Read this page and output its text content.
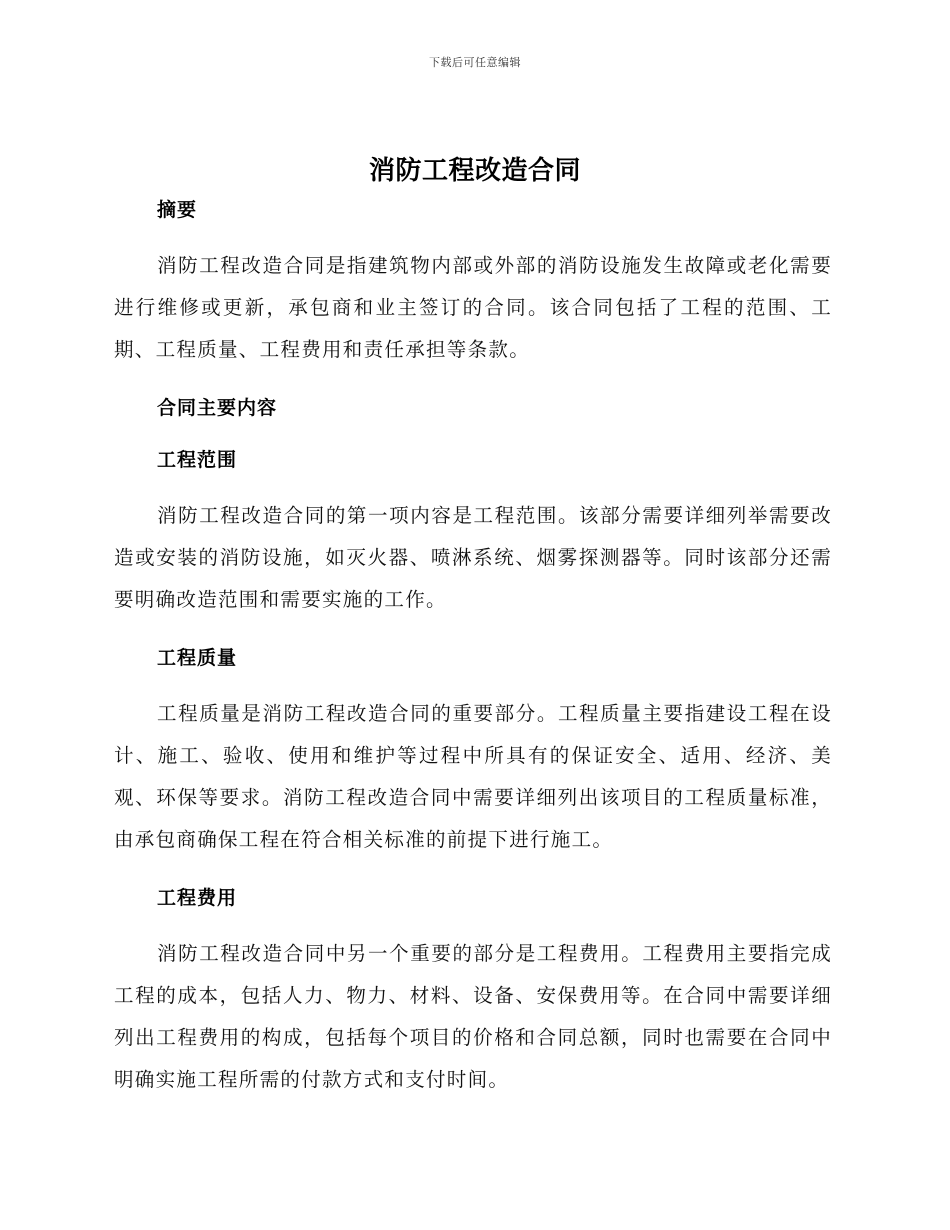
下载后可任意编辑
消防工程改造合同
摘要

消防工程改造合同是指建筑物内部或外部的消防设施发生故障或老化需要进行维修或更新，承包商和业主签订的合同。该合同包括了工程的范围、工期、工程质量、工程费用和责任承担等条款。

合同主要内容
工程范围

消防工程改造合同的第一项内容是工程范围。该部分需要详细列举需要改造或安装的消防设施，如灭火器、喷淋系统、烟雾探测器等。同时该部分还需要明确改造范围和需要实施的工作。

工程质量

工程质量是消防工程改造合同的重要部分。工程质量主要指建设工程在设计、施工、验收、使用和维护等过程中所具有的保证安全、适用、经济、美观、环保等要求。消防工程改造合同中需要详细列出该项目的工程质量标准，由承包商确保工程在符合相关标准的前提下进行施工。

工程费用

消防工程改造合同中另一个重要的部分是工程费用。工程费用主要指完成工程的成本，包括人力、物力、材料、设备、安保费用等。在合同中需要详细列出工程费用的构成，包括每个项目的价格和合同总额，同时也需要在合同中明确实施工程所需的付款方式和支付时间。
